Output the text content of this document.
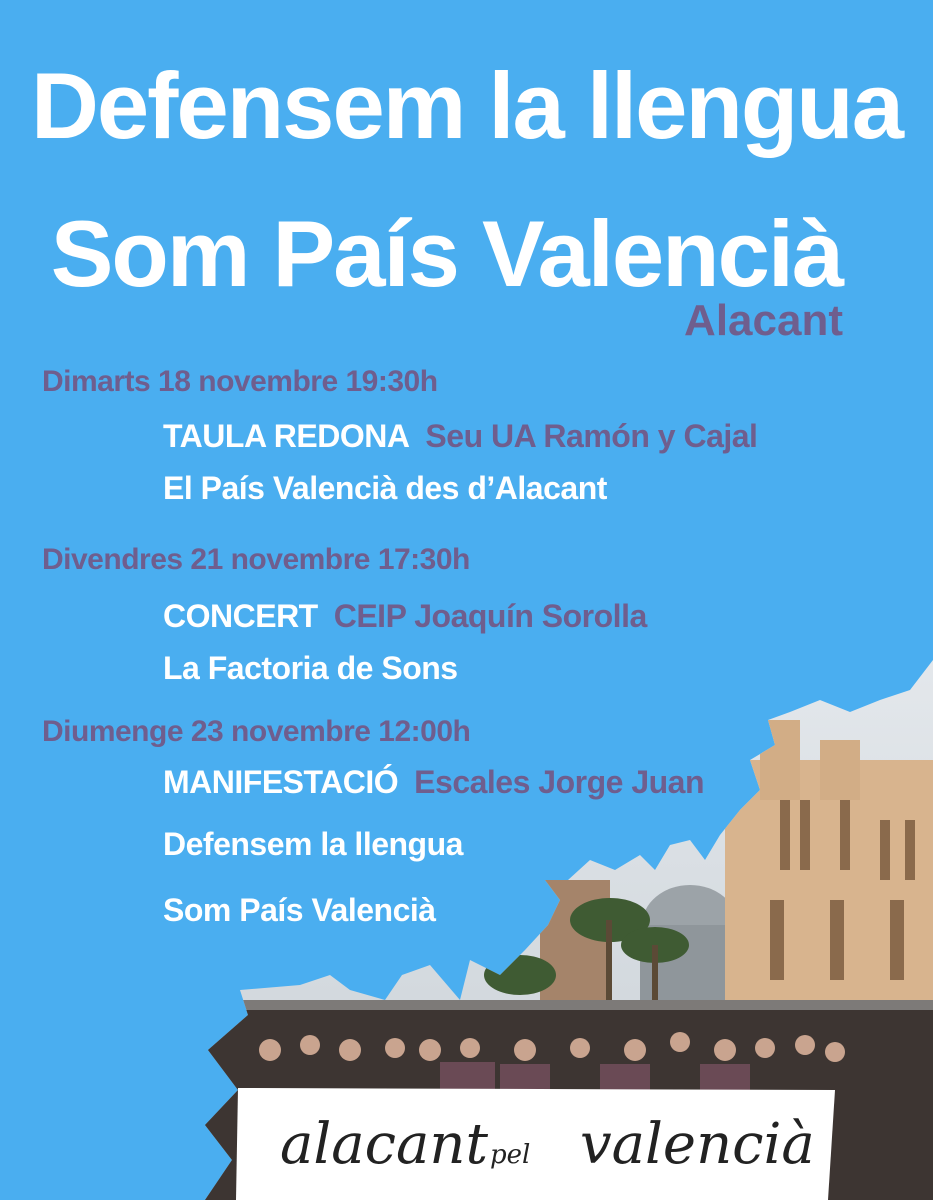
Defensem la llengua
Som País Valencià
Alacant
Dimarts 18 novembre 19:30h
TAULA REDONA Seu UA Ramón y Cajal
El País Valencià des d’Alacant
Divendres 21 novembre 17:30h
CONCERT CEIP Joaquín Sorolla
La Factoria de Sons
Diumenge 23 novembre 12:00h
MANIFESTACIÓ Escales Jorge Juan
Defensem la llengua
Som País Valencià
alacant pel valencià
